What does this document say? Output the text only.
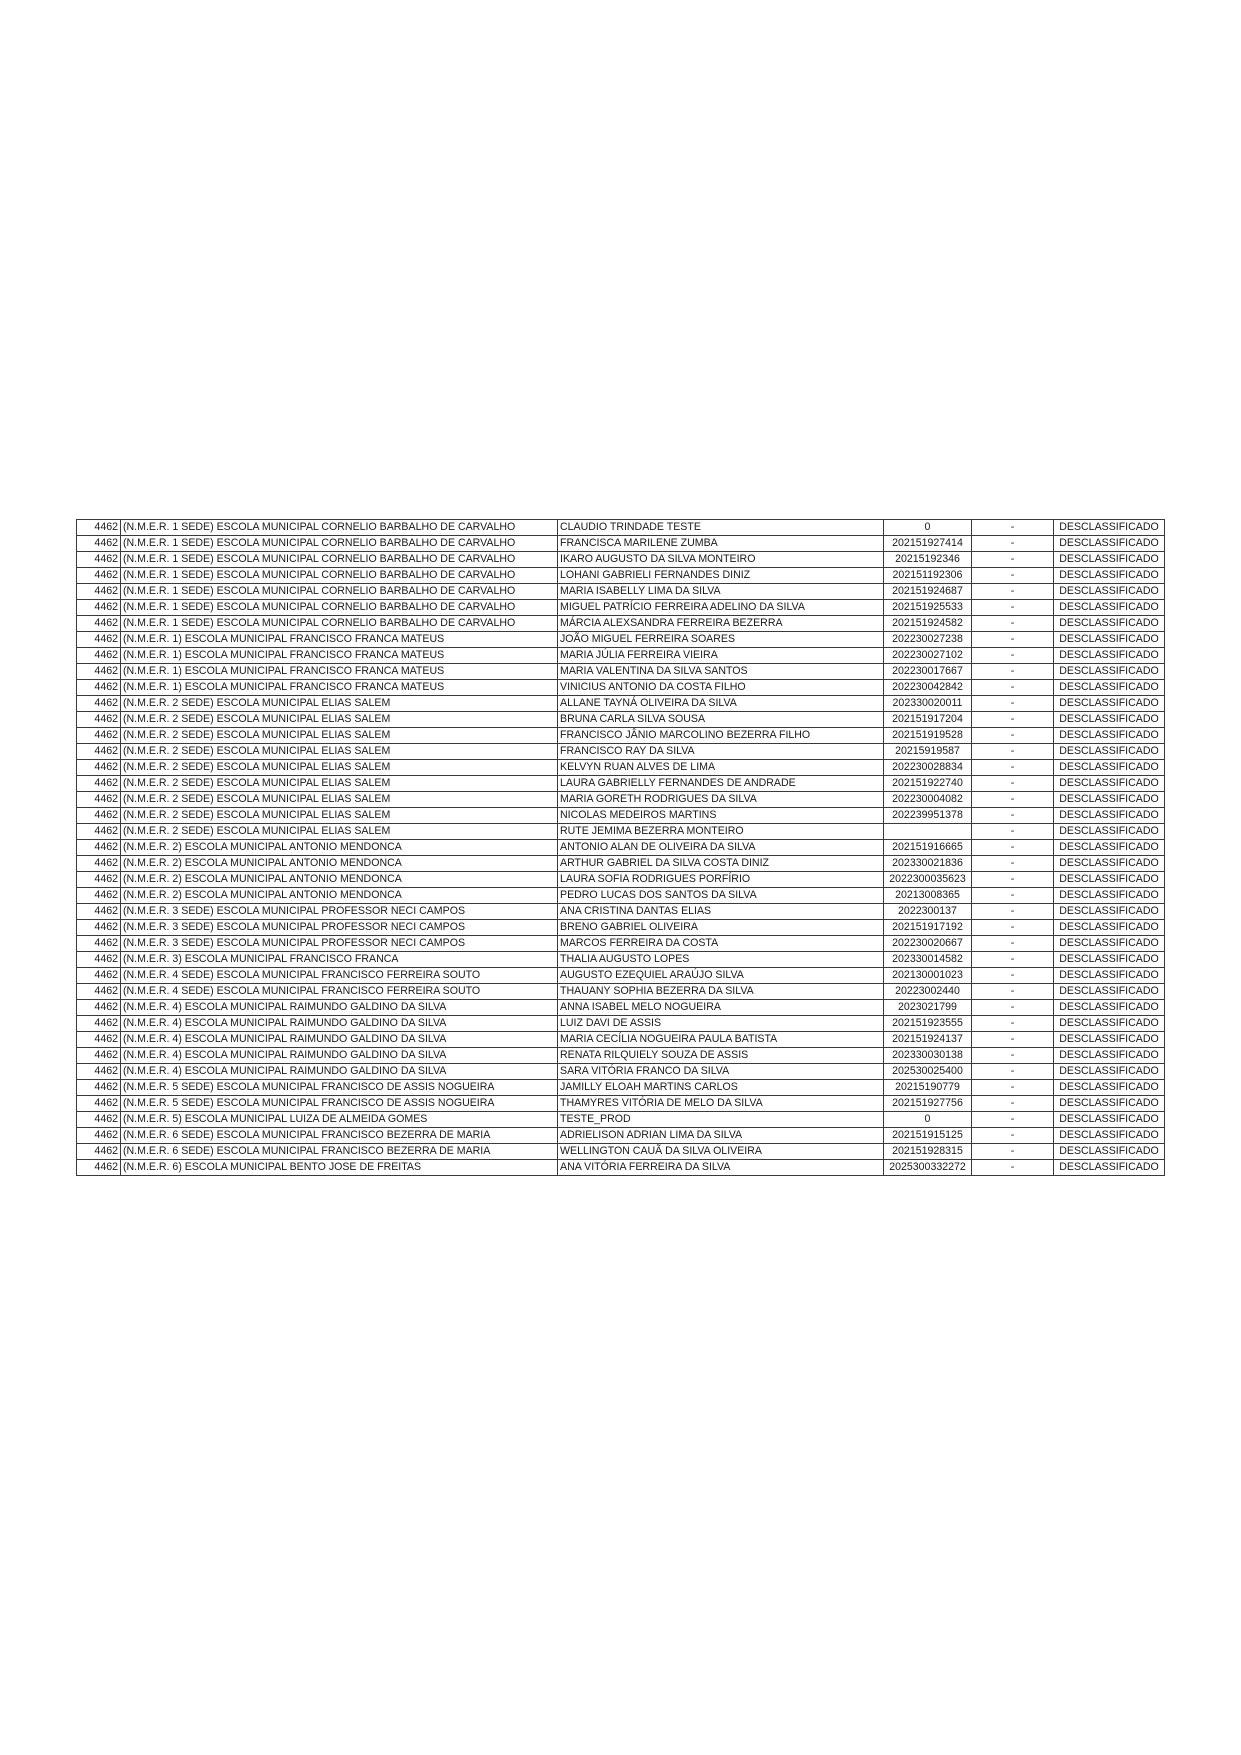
4462	(N.M.E.R. 1 SEDE) ESCOLA MUNICIPAL CORNELIO BARBALHO DE CARVALHO	CLAUDIO TRINDADE TESTE	0	-	DESCLASSIFICADO
4462	(N.M.E.R. 1 SEDE) ESCOLA MUNICIPAL CORNELIO BARBALHO DE CARVALHO	FRANCISCA MARILENE ZUMBA	202151927414	-	DESCLASSIFICADO
4462	(N.M.E.R. 1 SEDE) ESCOLA MUNICIPAL CORNELIO BARBALHO DE CARVALHO	IKARO AUGUSTO DA SILVA MONTEIRO	20215192346	-	DESCLASSIFICADO
4462	(N.M.E.R. 1 SEDE) ESCOLA MUNICIPAL CORNELIO BARBALHO DE CARVALHO	LOHANI GABRIELI FERNANDES DINIZ	202151192306	-	DESCLASSIFICADO
4462	(N.M.E.R. 1 SEDE) ESCOLA MUNICIPAL CORNELIO BARBALHO DE CARVALHO	MARIA ISABELLY LIMA DA SILVA	202151924687	-	DESCLASSIFICADO
4462	(N.M.E.R. 1 SEDE) ESCOLA MUNICIPAL CORNELIO BARBALHO DE CARVALHO	MIGUEL PATRÍCIO FERREIRA ADELINO DA SILVA	202151925533	-	DESCLASSIFICADO
4462	(N.M.E.R. 1 SEDE) ESCOLA MUNICIPAL CORNELIO BARBALHO DE CARVALHO	MÁRCIA ALEXSANDRA FERREIRA BEZERRA	202151924582	-	DESCLASSIFICADO
4462	(N.M.E.R. 1) ESCOLA MUNICIPAL FRANCISCO FRANCA MATEUS	JOÃO MIGUEL FERREIRA SOARES	202230027238	-	DESCLASSIFICADO
4462	(N.M.E.R. 1) ESCOLA MUNICIPAL FRANCISCO FRANCA MATEUS	MARIA JÚLIA FERREIRA VIEIRA	202230027102	-	DESCLASSIFICADO
4462	(N.M.E.R. 1) ESCOLA MUNICIPAL FRANCISCO FRANCA MATEUS	MARIA VALENTINA DA SILVA SANTOS	202230017667	-	DESCLASSIFICADO
4462	(N.M.E.R. 1) ESCOLA MUNICIPAL FRANCISCO FRANCA MATEUS	VINICIUS ANTONIO DA COSTA FILHO	202230042842	-	DESCLASSIFICADO
4462	(N.M.E.R. 2 SEDE) ESCOLA MUNICIPAL ELIAS SALEM	ALLANE TAYNÁ OLIVEIRA DA SILVA	202330020011	-	DESCLASSIFICADO
4462	(N.M.E.R. 2 SEDE) ESCOLA MUNICIPAL ELIAS SALEM	BRUNA CARLA SILVA SOUSA	202151917204	-	DESCLASSIFICADO
4462	(N.M.E.R. 2 SEDE) ESCOLA MUNICIPAL ELIAS SALEM	FRANCISCO JÂNIO MARCOLINO BEZERRA FILHO	202151919528	-	DESCLASSIFICADO
4462	(N.M.E.R. 2 SEDE) ESCOLA MUNICIPAL ELIAS SALEM	FRANCISCO RAY DA SILVA	20215919587	-	DESCLASSIFICADO
4462	(N.M.E.R. 2 SEDE) ESCOLA MUNICIPAL ELIAS SALEM	KELVYN RUAN ALVES DE LIMA	202230028834	-	DESCLASSIFICADO
4462	(N.M.E.R. 2 SEDE) ESCOLA MUNICIPAL ELIAS SALEM	LAURA GABRIELLY FERNANDES DE ANDRADE	202151922740	-	DESCLASSIFICADO
4462	(N.M.E.R. 2 SEDE) ESCOLA MUNICIPAL ELIAS SALEM	MARIA GORETH RODRIGUES DA SILVA	202230004082	-	DESCLASSIFICADO
4462	(N.M.E.R. 2 SEDE) ESCOLA MUNICIPAL ELIAS SALEM	NICOLAS MEDEIROS MARTINS	202239951378	-	DESCLASSIFICADO
4462	(N.M.E.R. 2 SEDE) ESCOLA MUNICIPAL ELIAS SALEM	RUTE JEMIMA BEZERRA MONTEIRO		-	DESCLASSIFICADO
4462	(N.M.E.R. 2) ESCOLA MUNICIPAL ANTONIO MENDONCA	ANTONIO ALAN DE OLIVEIRA DA SILVA	202151916665	-	DESCLASSIFICADO
4462	(N.M.E.R. 2) ESCOLA MUNICIPAL ANTONIO MENDONCA	ARTHUR GABRIEL DA SILVA COSTA DINIZ	202330021836	-	DESCLASSIFICADO
4462	(N.M.E.R. 2) ESCOLA MUNICIPAL ANTONIO MENDONCA	LAURA SOFIA RODRIGUES PORFÍRIO	2022300035623	-	DESCLASSIFICADO
4462	(N.M.E.R. 2) ESCOLA MUNICIPAL ANTONIO MENDONCA	PEDRO LUCAS DOS SANTOS DA SILVA	20213008365	-	DESCLASSIFICADO
4462	(N.M.E.R. 3 SEDE) ESCOLA MUNICIPAL PROFESSOR NECI CAMPOS	ANA CRISTINA DANTAS ELIAS	2022300137	-	DESCLASSIFICADO
4462	(N.M.E.R. 3 SEDE) ESCOLA MUNICIPAL PROFESSOR NECI CAMPOS	BRENO GABRIEL OLIVEIRA	202151917192	-	DESCLASSIFICADO
4462	(N.M.E.R. 3 SEDE) ESCOLA MUNICIPAL PROFESSOR NECI CAMPOS	MARCOS FERREIRA DA COSTA	202230020667	-	DESCLASSIFICADO
4462	(N.M.E.R. 3) ESCOLA MUNICIPAL FRANCISCO FRANCA	THALIA AUGUSTO LOPES	202330014582	-	DESCLASSIFICADO
4462	(N.M.E.R. 4 SEDE) ESCOLA MUNICIPAL FRANCISCO FERREIRA SOUTO	AUGUSTO EZEQUIEL ARAÚJO SILVA	202130001023	-	DESCLASSIFICADO
4462	(N.M.E.R. 4 SEDE) ESCOLA MUNICIPAL FRANCISCO FERREIRA SOUTO	THAUANY SOPHIA BEZERRA DA SILVA	20223002440	-	DESCLASSIFICADO
4462	(N.M.E.R. 4) ESCOLA MUNICIPAL RAIMUNDO GALDINO DA SILVA	ANNA ISABEL MELO NOGUEIRA	2023021799	-	DESCLASSIFICADO
4462	(N.M.E.R. 4) ESCOLA MUNICIPAL RAIMUNDO GALDINO DA SILVA	LUIZ DAVI DE ASSIS	202151923555	-	DESCLASSIFICADO
4462	(N.M.E.R. 4) ESCOLA MUNICIPAL RAIMUNDO GALDINO DA SILVA	MARIA CECÍLIA NOGUEIRA PAULA BATISTA	202151924137	-	DESCLASSIFICADO
4462	(N.M.E.R. 4) ESCOLA MUNICIPAL RAIMUNDO GALDINO DA SILVA	RENATA RILQUIELY SOUZA DE ASSIS	202330030138	-	DESCLASSIFICADO
4462	(N.M.E.R. 4) ESCOLA MUNICIPAL RAIMUNDO GALDINO DA SILVA	SARA VITÓRIA FRANCO DA SILVA	202530025400	-	DESCLASSIFICADO
4462	(N.M.E.R. 5 SEDE) ESCOLA MUNICIPAL FRANCISCO DE ASSIS NOGUEIRA	JAMILLY ELOAH MARTINS CARLOS	20215190779	-	DESCLASSIFICADO
4462	(N.M.E.R. 5 SEDE) ESCOLA MUNICIPAL FRANCISCO DE ASSIS NOGUEIRA	THAMYRES VITÓRIA DE MELO DA SILVA	202151927756	-	DESCLASSIFICADO
4462	(N.M.E.R. 5) ESCOLA MUNICIPAL LUIZA DE ALMEIDA GOMES	TESTE_PROD	0	-	DESCLASSIFICADO
4462	(N.M.E.R. 6 SEDE) ESCOLA MUNICIPAL FRANCISCO BEZERRA DE MARIA	ADRIELISON ADRIAN LIMA DA SILVA	202151915125	-	DESCLASSIFICADO
4462	(N.M.E.R. 6 SEDE) ESCOLA MUNICIPAL FRANCISCO BEZERRA DE MARIA	WELLINGTON CAUÃ DA SILVA OLIVEIRA	202151928315	-	DESCLASSIFICADO
4462	(N.M.E.R. 6) ESCOLA MUNICIPAL BENTO JOSE DE FREITAS	ANA VITÓRIA FERREIRA DA SILVA	2025300332272	-	DESCLASSIFICADO
